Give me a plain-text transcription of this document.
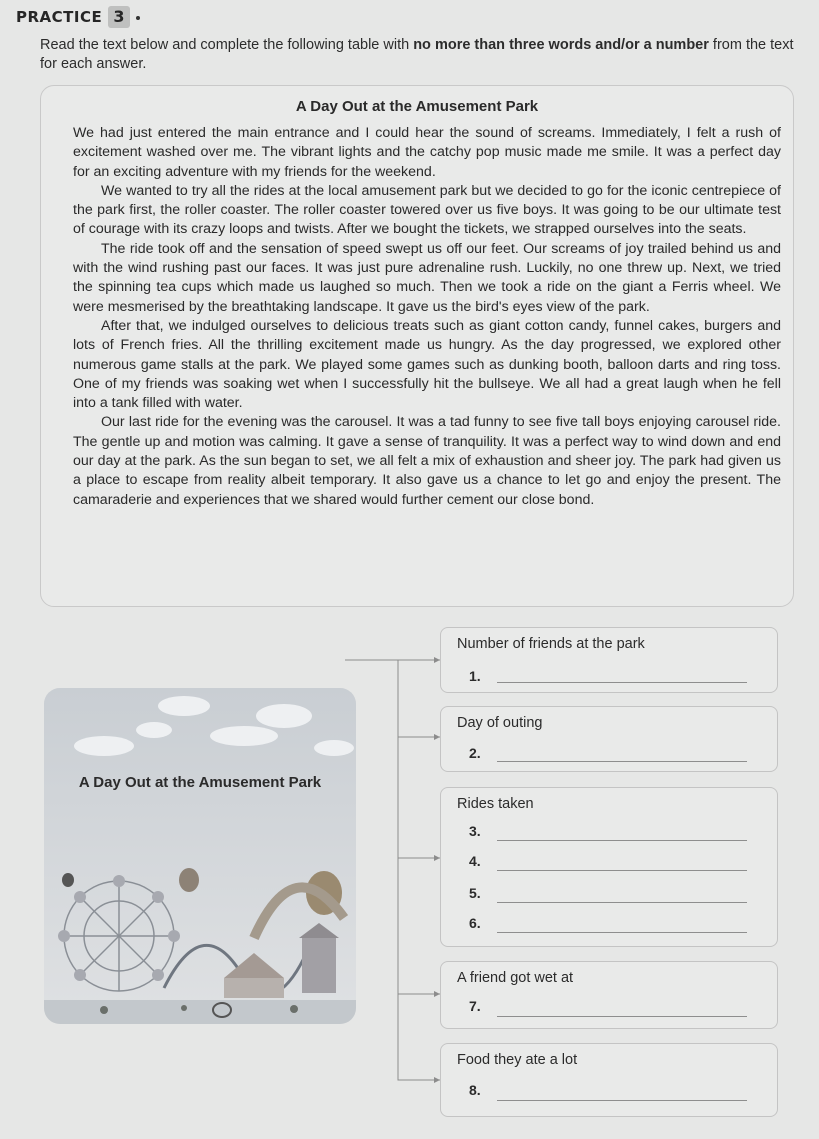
PRACTICE 3
Read the text below and complete the following table with no more than three words and/or a number from the text for each answer.
A Day Out at the Amusement Park

We had just entered the main entrance and I could hear the sound of screams. Immediately, I felt a rush of excitement washed over me. The vibrant lights and the catchy pop music made me smile. It was a perfect day for an exciting adventure with my friends for the weekend.

We wanted to try all the rides at the local amusement park but we decided to go for the iconic centrepiece of the park first, the roller coaster. The roller coaster towered over us five boys. It was going to be our ultimate test of courage with its crazy loops and twists. After we bought the tickets, we strapped ourselves into the seats.

The ride took off and the sensation of speed swept us off our feet. Our screams of joy trailed behind us and with the wind rushing past our faces. It was just pure adrenaline rush. Luckily, no one threw up. Next, we tried the spinning tea cups which made us laughed so much. Then we took a ride on the giant a Ferris wheel. We were mesmerised by the breathtaking landscape. It gave us the bird's eyes view of the park.

After that, we indulged ourselves to delicious treats such as giant cotton candy, funnel cakes, burgers and lots of French fries. All the thrilling excitement made us hungry. As the day progressed, we explored other numerous game stalls at the park. We played some games such as dunking booth, balloon darts and ring toss. One of my friends was soaking wet when I successfully hit the bullseye. We all had a great laugh when he fell into a tank filled with water.

Our last ride for the evening was the carousel. It was a tad funny to see five tall boys enjoying carousel ride. The gentle up and motion was calming. It gave a sense of tranquility. It was a perfect way to wind down and end our day at the park. As the sun began to set, we all felt a mix of exhaustion and sheer joy. The park had given us a place to escape from reality albeit temporary. It also gave us a chance to let go and enjoy the present. The camaraderie and experiences that we shared would further cement our close bond.

A Day Out at the Amusement Park
Number of friends at the park
1.
Day of outing
2.
Rides taken
3.
4.
5.
6.
A friend got wet at
7.
Food they ate a lot
8.
